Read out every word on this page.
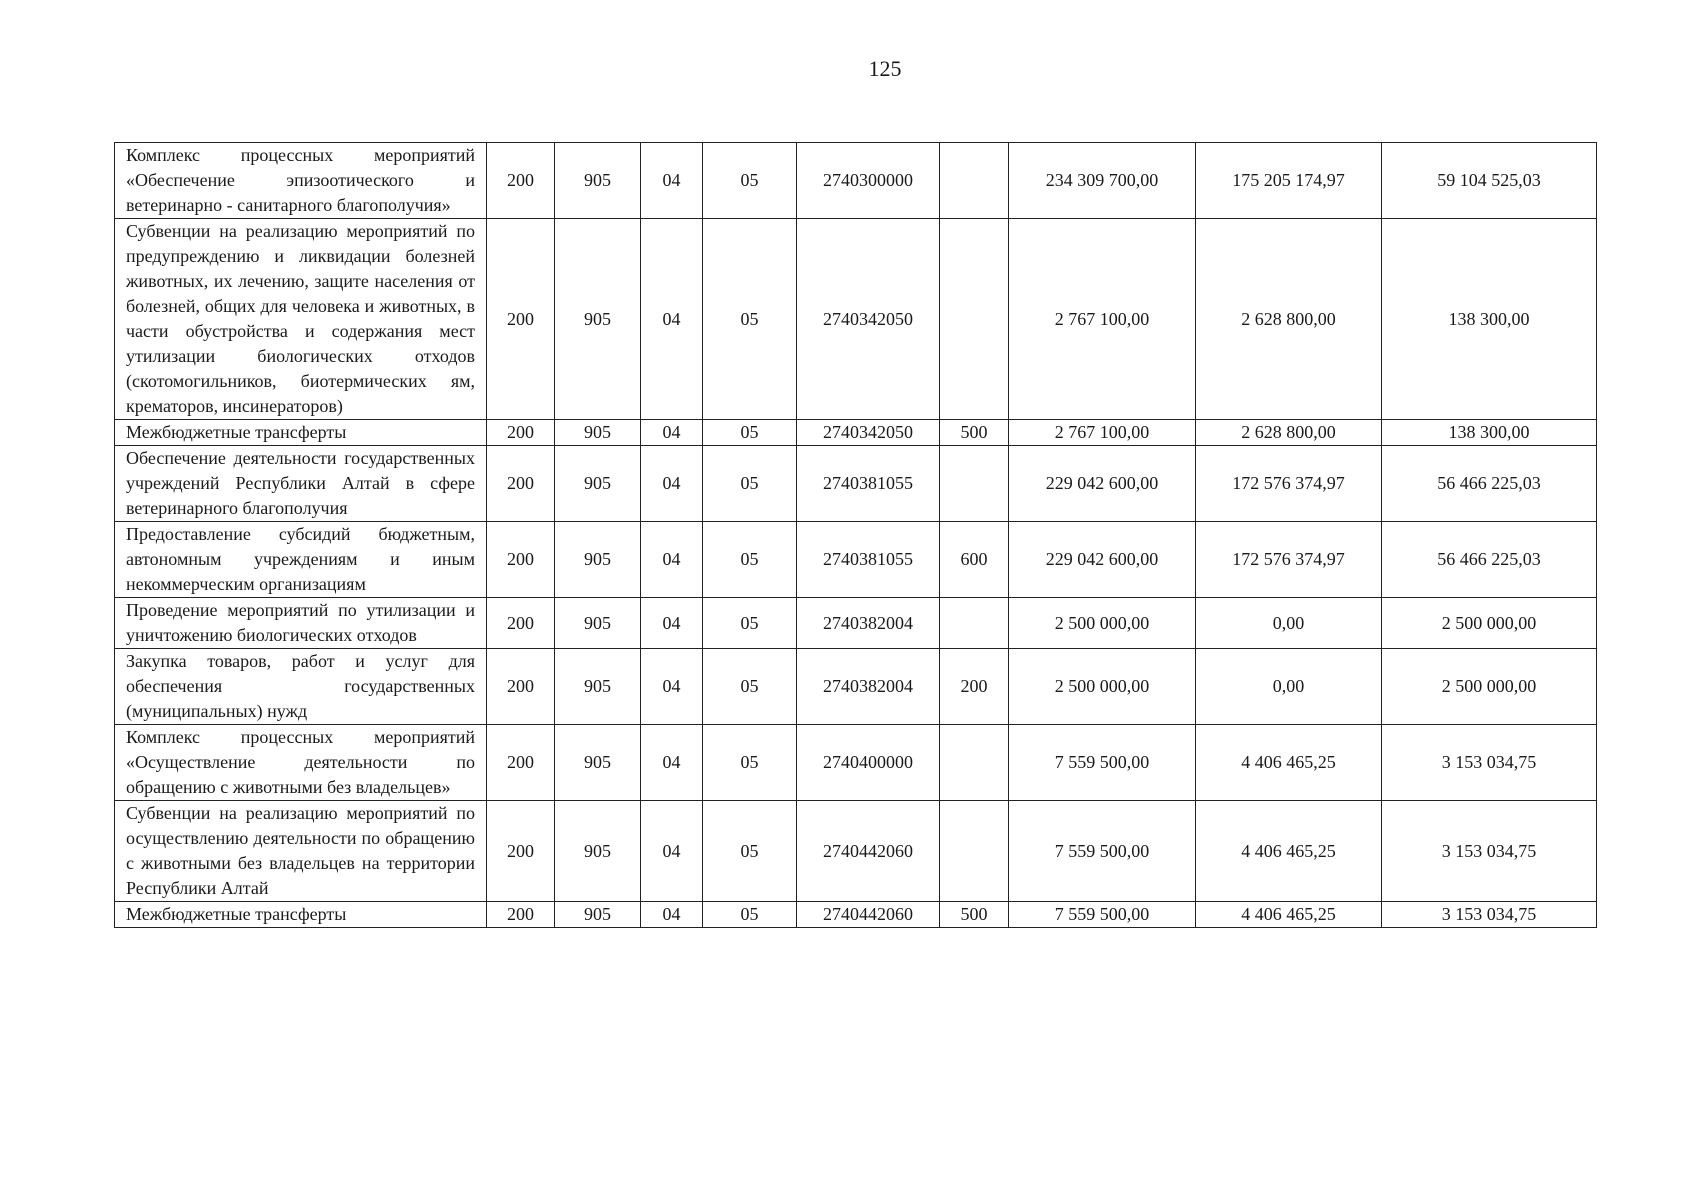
125
Комплекс процессных мероприятий «Обеспечение эпизоотического и ветеринарно - санитарного благополучия»	200	905	04	05	2740300000		234 309 700,00	175 205 174,97	59 104 525,03
Субвенции на реализацию мероприятий по предупреждению и ликвидации болезней животных, их лечению, защите населения от болезней, общих для человека и животных, в части обустройства и содержания мест утилизации биологических отходов (скотомогильников, биотермических ям, крематоров, инсинераторов)	200	905	04	05	2740342050		2 767 100,00	2 628 800,00	138 300,00
Межбюджетные трансферты	200	905	04	05	2740342050	500	2 767 100,00	2 628 800,00	138 300,00
Обеспечение деятельности государственных учреждений Республики Алтай в сфере ветеринарного благополучия	200	905	04	05	2740381055		229 042 600,00	172 576 374,97	56 466 225,03
Предоставление субсидий бюджетным, автономным учреждениям и иным некоммерческим организациям	200	905	04	05	2740381055	600	229 042 600,00	172 576 374,97	56 466 225,03
Проведение мероприятий по утилизации и уничтожению биологических отходов	200	905	04	05	2740382004		2 500 000,00	0,00	2 500 000,00
Закупка товаров, работ и услуг для обеспечения государственных (муниципальных) нужд	200	905	04	05	2740382004	200	2 500 000,00	0,00	2 500 000,00
Комплекс процессных мероприятий «Осуществление деятельности по обращению с животными без владельцев»	200	905	04	05	2740400000		7 559 500,00	4 406 465,25	3 153 034,75
Субвенции на реализацию мероприятий по осуществлению деятельности по обращению с животными без владельцев на территории Республики Алтай	200	905	04	05	2740442060		7 559 500,00	4 406 465,25	3 153 034,75
Межбюджетные трансферты	200	905	04	05	2740442060	500	7 559 500,00	4 406 465,25	3 153 034,75
